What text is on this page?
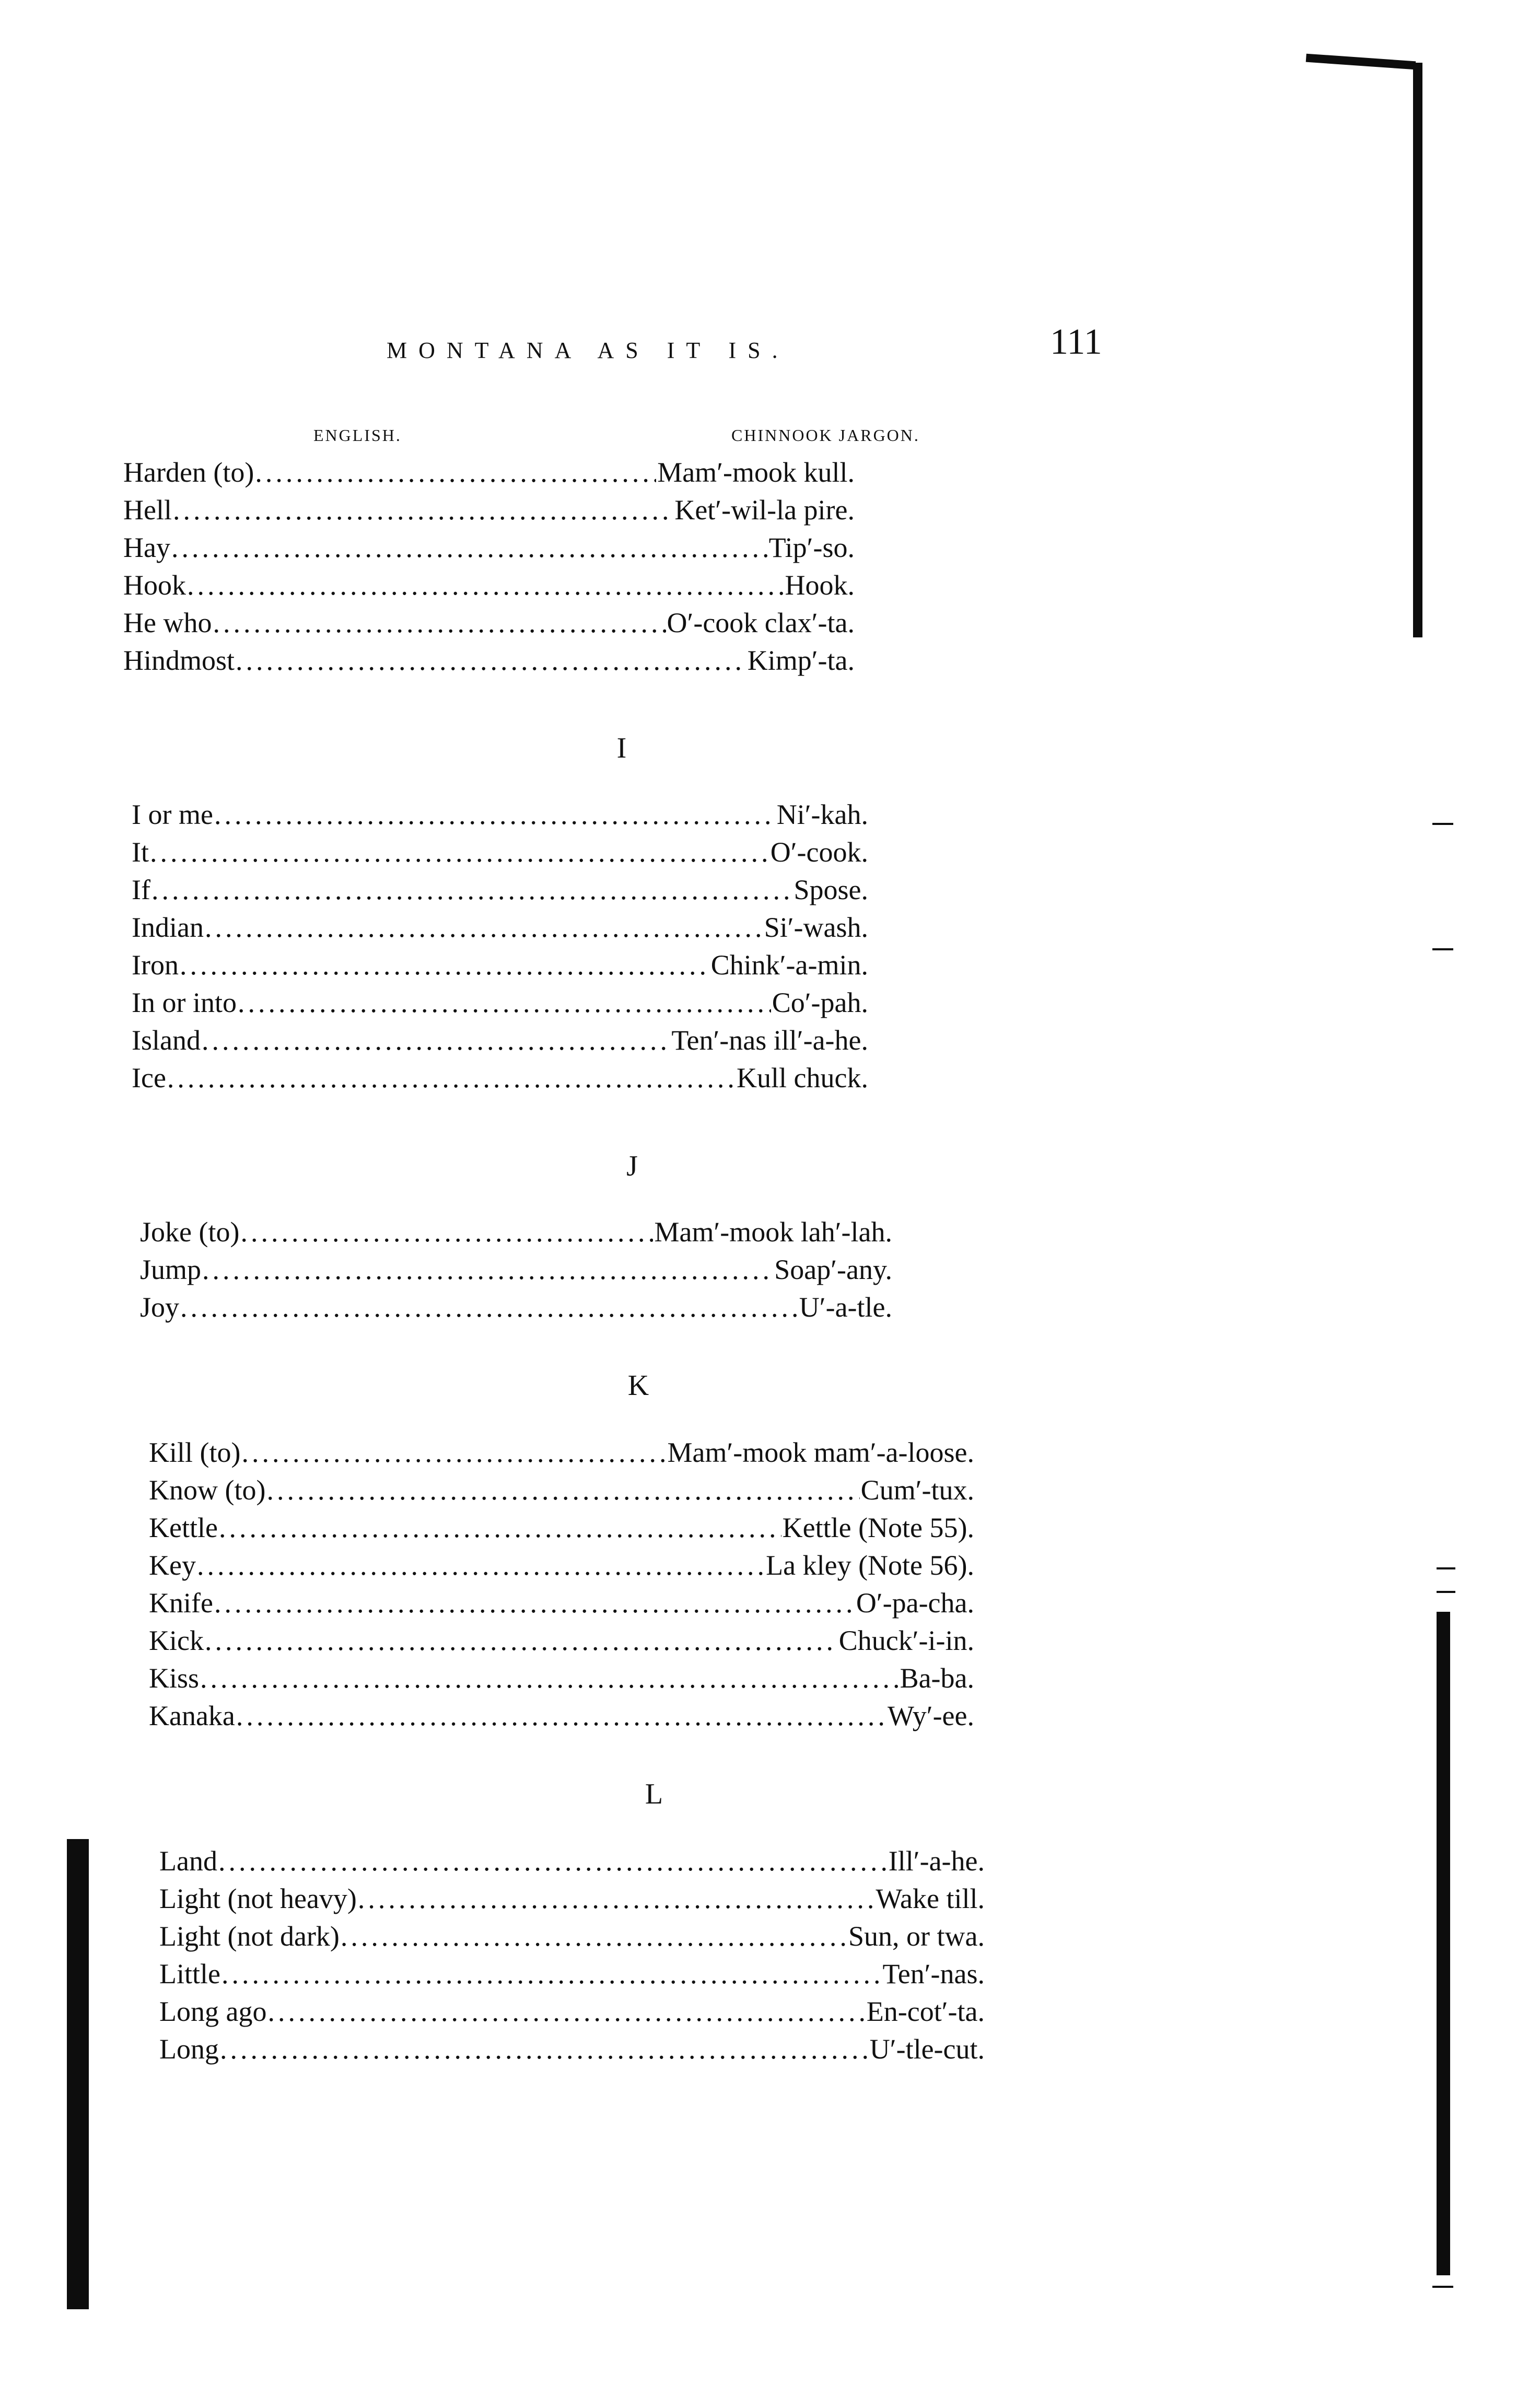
MONTANA AS IT IS.	111
ENGLISH.	CHINNOOK JARGON.
Harden (to) .....	Mam′-mook kull.
Hell .....	Ket′-wil-la pire.
Hay .....	Tip′-so.
Hook .....	Hook.
He who .....	O′-cook clax′-ta.
Hindmost .....	Kimp′-ta.
I
I or me .....	Ni′-kah.
It .....	O′-cook.
If .....	Spose.
Indian .....	Si′-wash.
Iron .....	Chink′-a-min.
In or into .....	Co′-pah.
Island .....	Ten′-nas ill′-a-he.
Ice .....	Kull chuck.
J
Joke (to) .....	Mam′-mook lah′-lah.
Jump .....	Soap′-any.
Joy .....	U′-a-tle.
K
Kill (to) .....	Mam′-mook mam′-a-loose.
Know (to) .....	Cum′-tux.
Kettle .....	Kettle (Note 55).
Key .....	La kley (Note 56).
Knife .....	O′-pa-cha.
Kick .....	Chuck′-i-in.
Kiss .....	Ba-ba.
Kanaka .....	Wy′-ee.
L
Land .....	Ill′-a-he.
Light (not heavy) .....	Wake till.
Light (not dark) .....	Sun, or twa.
Little .....	Ten′-nas.
Long ago .....	En-cot′-ta.
Long .....	U′-tle-cut.
